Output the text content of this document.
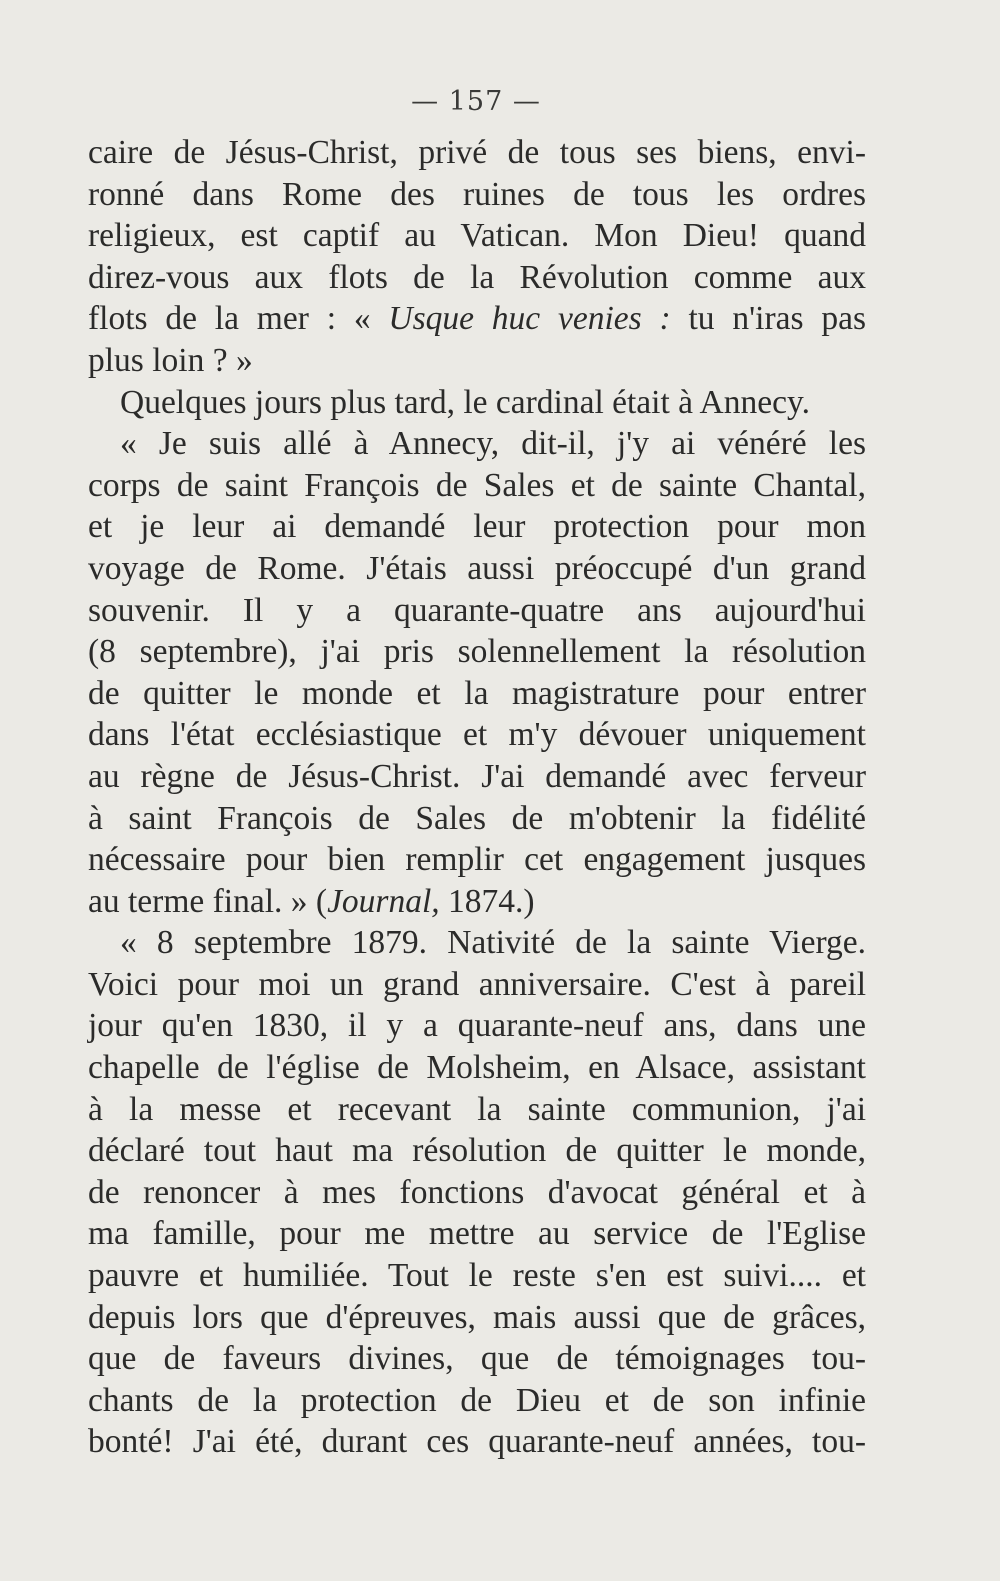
— 157 —
caire de Jésus-Christ, privé de tous ses biens, envi-
ronné dans Rome des ruines de tous les ordres
religieux, est captif au Vatican. Mon Dieu! quand
direz-vous aux flots de la Révolution comme aux
flots de la mer : « Usque huc venies : tu n'iras pas
plus loin ? »
Quelques jours plus tard, le cardinal était à Annecy.
« Je suis allé à Annecy, dit-il, j'y ai vénéré les
corps de saint François de Sales et de sainte Chantal,
et je leur ai demandé leur protection pour mon
voyage de Rome. J'étais aussi préoccupé d'un grand
souvenir. Il y a quarante-quatre ans aujourd'hui
(8 septembre), j'ai pris solennellement la résolution
de quitter le monde et la magistrature pour entrer
dans l'état ecclésiastique et m'y dévouer uniquement
au règne de Jésus-Christ. J'ai demandé avec ferveur
à saint François de Sales de m'obtenir la fidélité
nécessaire pour bien remplir cet engagement jusques
au terme final. » (Journal, 1874.)
« 8 septembre 1879. Nativité de la sainte Vierge.
Voici pour moi un grand anniversaire. C'est à pareil
jour qu'en 1830, il y a quarante-neuf ans, dans une
chapelle de l'église de Molsheim, en Alsace, assistant
à la messe et recevant la sainte communion, j'ai
déclaré tout haut ma résolution de quitter le monde,
de renoncer à mes fonctions d'avocat général et à
ma famille, pour me mettre au service de l'Eglise
pauvre et humiliée. Tout le reste s'en est suivi.... et
depuis lors que d'épreuves, mais aussi que de grâces,
que de faveurs divines, que de témoignages tou-
chants de la protection de Dieu et de son infinie
bonté! J'ai été, durant ces quarante-neuf années, tou-
